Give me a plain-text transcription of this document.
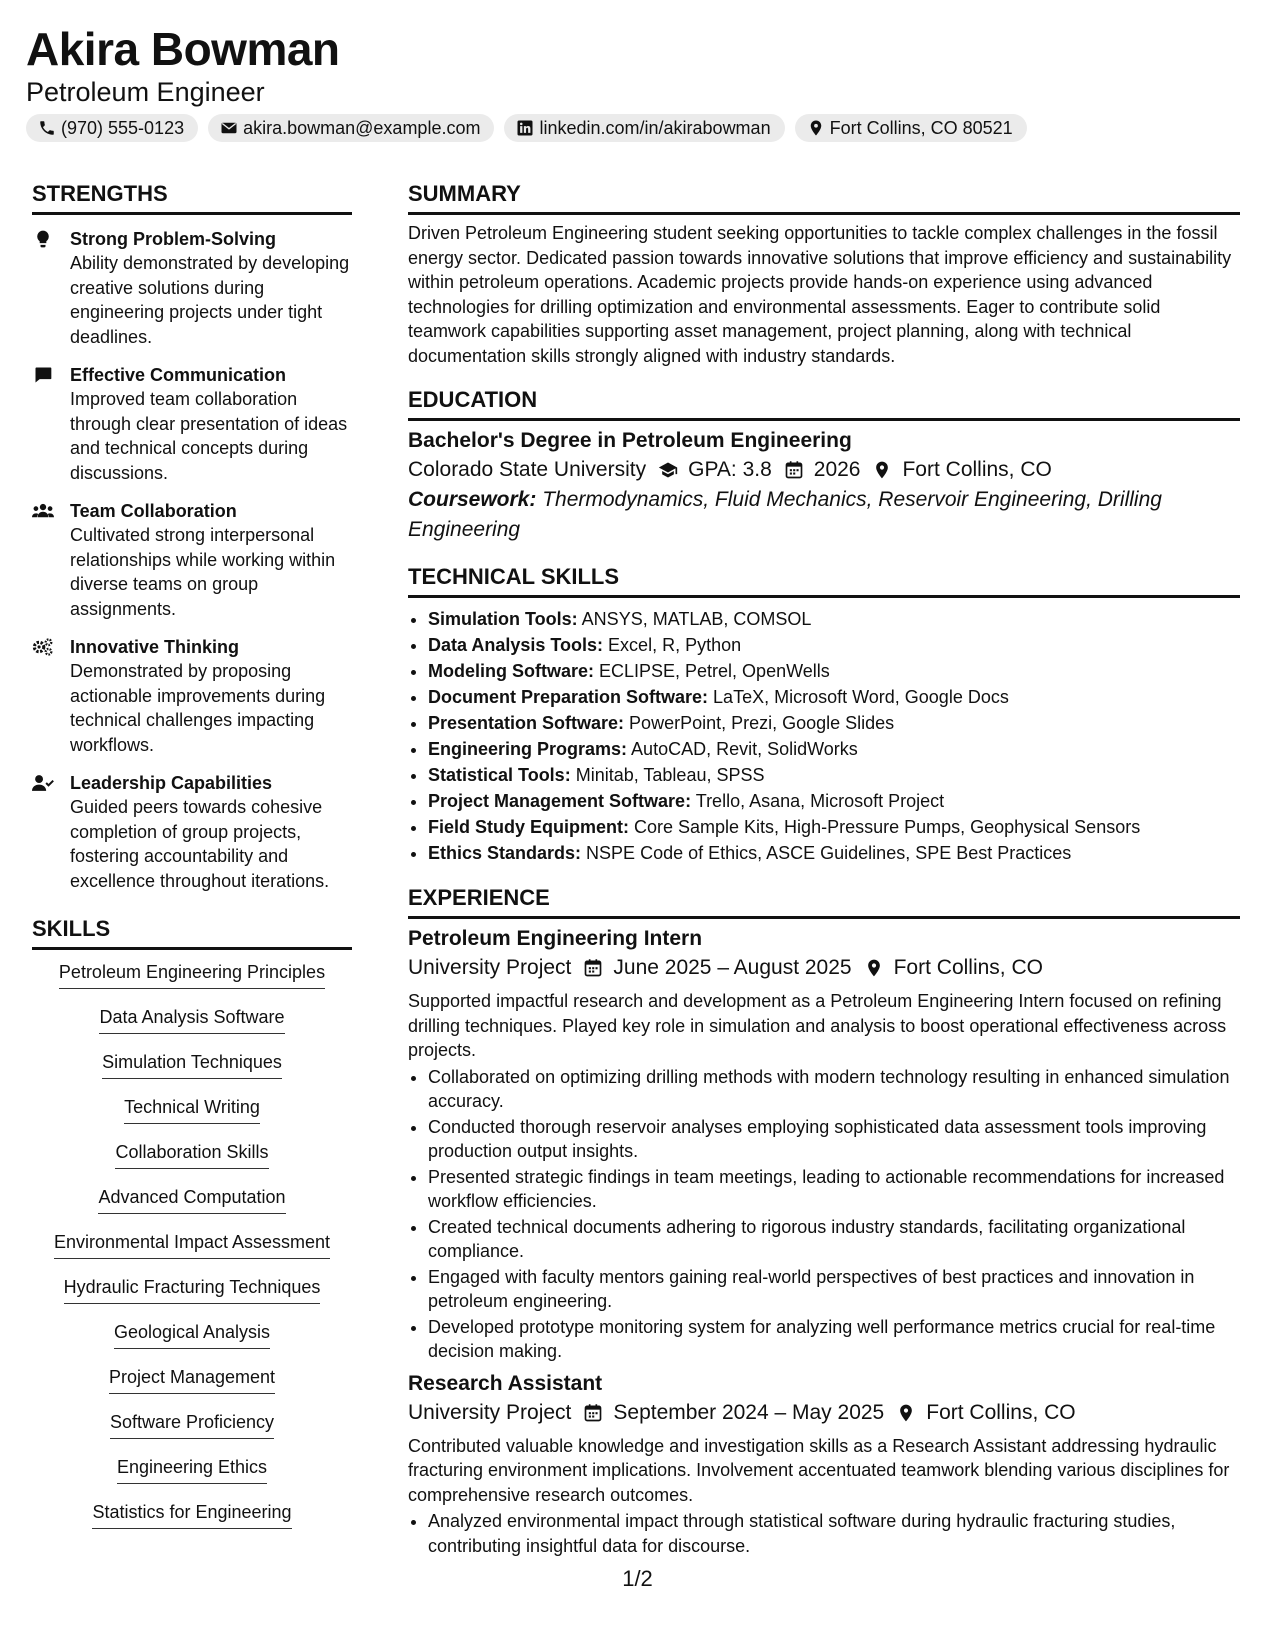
Akira Bowman
Petroleum Engineer
(970) 555-0123	akira.bowman@example.com	linkedin.com/in/akirabowman	Fort Collins, CO 80521
STRENGTHS
Strong Problem-Solving
Ability demonstrated by developing creative solutions during engineering projects under tight deadlines.
Effective Communication
Improved team collaboration through clear presentation of ideas and technical concepts during discussions.
Team Collaboration
Cultivated strong interpersonal relationships while working within diverse teams on group assignments.
Innovative Thinking
Demonstrated by proposing actionable improvements during technical challenges impacting workflows.
Leadership Capabilities
Guided peers towards cohesive completion of group projects, fostering accountability and excellence throughout iterations.
SKILLS
Petroleum Engineering Principles
Data Analysis Software
Simulation Techniques
Technical Writing
Collaboration Skills
Advanced Computation
Environmental Impact Assessment
Hydraulic Fracturing Techniques
Geological Analysis
Project Management
Software Proficiency
Engineering Ethics
Statistics for Engineering
SUMMARY
Driven Petroleum Engineering student seeking opportunities to tackle complex challenges in the fossil energy sector. Dedicated passion towards innovative solutions that improve efficiency and sustainability within petroleum operations. Academic projects provide hands-on experience using advanced technologies for drilling optimization and environmental assessments. Eager to contribute solid teamwork capabilities supporting asset management, project planning, along with technical documentation skills strongly aligned with industry standards.
EDUCATION
Bachelor's Degree in Petroleum Engineering
Colorado State University GPA: 3.8 2026 Fort Collins, CO
Coursework: Thermodynamics, Fluid Mechanics, Reservoir Engineering, Drilling Engineering
TECHNICAL SKILLS
• Simulation Tools: ANSYS, MATLAB, COMSOL
• Data Analysis Tools: Excel, R, Python
• Modeling Software: ECLIPSE, Petrel, OpenWells
• Document Preparation Software: LaTeX, Microsoft Word, Google Docs
• Presentation Software: PowerPoint, Prezi, Google Slides
• Engineering Programs: AutoCAD, Revit, SolidWorks
• Statistical Tools: Minitab, Tableau, SPSS
• Project Management Software: Trello, Asana, Microsoft Project
• Field Study Equipment: Core Sample Kits, High-Pressure Pumps, Geophysical Sensors
• Ethics Standards: NSPE Code of Ethics, ASCE Guidelines, SPE Best Practices
EXPERIENCE
Petroleum Engineering Intern
University Project June 2025 – August 2025 Fort Collins, CO
Supported impactful research and development as a Petroleum Engineering Intern focused on refining drilling techniques. Played key role in simulation and analysis to boost operational effectiveness across projects.
• Collaborated on optimizing drilling methods with modern technology resulting in enhanced simulation accuracy.
• Conducted thorough reservoir analyses employing sophisticated data assessment tools improving production output insights.
• Presented strategic findings in team meetings, leading to actionable recommendations for increased workflow efficiencies.
• Created technical documents adhering to rigorous industry standards, facilitating organizational compliance.
• Engaged with faculty mentors gaining real-world perspectives of best practices and innovation in petroleum engineering.
• Developed prototype monitoring system for analyzing well performance metrics crucial for real-time decision making.
Research Assistant
University Project September 2024 – May 2025 Fort Collins, CO
Contributed valuable knowledge and investigation skills as a Research Assistant addressing hydraulic fracturing environment implications. Involvement accentuated teamwork blending various disciplines for comprehensive research outcomes.
• Analyzed environmental impact through statistical software during hydraulic fracturing studies, contributing insightful data for discourse.
1/2
